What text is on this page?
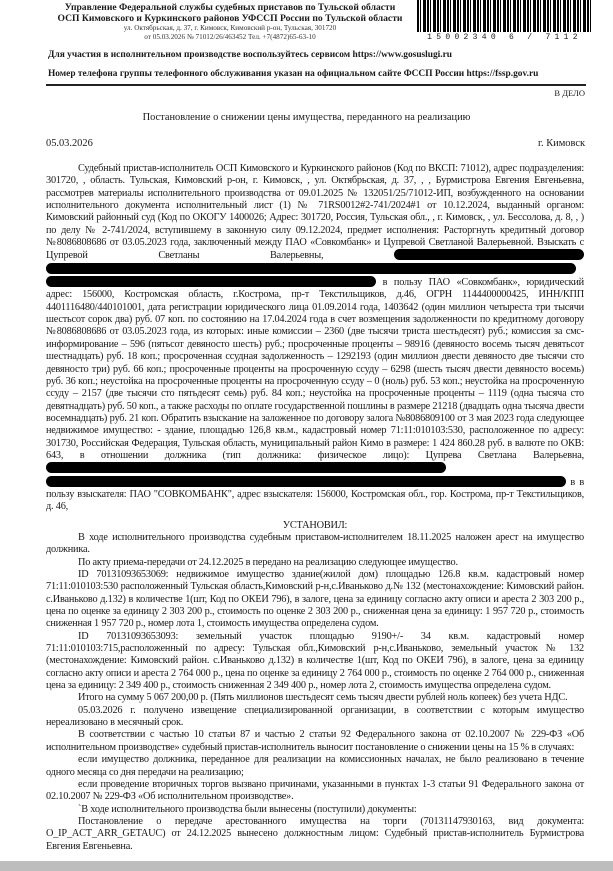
Управление Федеральной службы судебных приставов по Тульской области
ОСП Кимовского и Куркинского районов УФССП России по Тульской области
ул. Октябрьская, д. 37, г. Кимовск, Кимовский р-он, Тульская, 301720
от 05.03.2026 № 71012/26/463452 Тел. +7(4872)65-63-10	15002340 6 / 7112
Для участия в исполнительном производстве воспользуйтесь сервисом https://www.gosuslugi.ru
Номер телефона группы телефонного обслуживания указан на официальном сайте ФССП России https://fssp.gov.ru
В ДЕЛО
Постановление о снижении цены имущества, переданного на реализацию
05.03.2026	г. Кимовск

Судебный пристав-исполнитель ОСП Кимовского и Куркинского районов (Код по ВКСП: 71012), адрес подразделения: 301720, , область. Тульская, Кимовский р-он, г. Кимовск, , ул. Октябрьская, д. 37, , , Бурмистрова Евгения Евгеньевна, рассмотрев материалы исполнительного производства от 09.01.2025 № 132051/25/71012-ИП, возбужденного на основании исполнительного документа исполнительный лист (1) № 71RS0012#2-741/2024#1 от 10.12.2024, выданный органом: Кимовский районный суд (Код по ОКОГУ 1400026; Адрес: 301720, Россия, Тульская обл., , г. Кимовск, , ул. Бессолова, д. 8, , ) по делу № 2-741/2024, вступившему в законную силу 09.12.2024, предмет исполнения: Расторгнуть кредитный договор №8086808686 от 03.05.2023 года, заключенный между ПАО «Совкомбанк» и Цупревой Светланой Валерьевной. Взыскать с Цупревой Светланы Валерьевны,    в пользу ПАО «Совкомбанк», юридический адрес: 156000, Костромская область, г.Кострома, пр-т Текстильщиков, д.46, ОГРН 1144400000425, ИНН/КПП 4401116480/440101001, дата регистрации юридического лица 01.09.2014 года, 1403642 (один миллион четыреста три тысячи шестьсот сорок два) руб. 07 коп. по состоянию на 17.04.2024 года в счет возмещения задолженности по кредитному договору №8086808686 от 03.05.2023 года, из которых: иные комиссии – 2360 (две тысячи триста шестьдесят) руб.; комиссия за смс-информирование – 596 (пятьсот девяносто шесть) руб.; просроченные проценты – 98916 (девяносто восемь тысяч девятьсот шестнадцать) руб. 18 коп.; просроченная ссудная задолженность – 1292193 (один миллион двести девяносто две тысячи сто девяносто три) руб. 66 коп.; просроченные проценты на просроченную ссуду – 6298 (шесть тысяч двести девяносто восемь) руб. 36 коп.; неустойка на просроченные проценты на просроченную ссуду – 0 (ноль) руб. 53 коп.; неустойка на просроченную ссуду – 2157 (две тысячи сто пятьдесят семь) руб. 84 коп.; неустойка на просроченные проценты – 1119 (одна тысяча сто девятнадцать) руб. 50 коп., а также расходы по оплате государственной пошлины в размере 21218 (двадцать одна тысяча двести восемнадцать) руб. 21 коп. Обратить взыскание на заложенное по договору залога №8086809100 от 3 мая 2023 года следующее недвижимое имущество: - здание, площадью 126,8 кв.м., кадастровый номер 71:11:010103:530, расположенное по адресу: 301730, Российская Федерация, Тульская область, муниципальный район Кимо в размере: 1 424 860.28 руб. в валюте по ОКВ: 643, в отношении должника (тип должника: физическое лицо): Цупрева Светлана Валерьевна,   в в пользу взыскателя: ПАО "СОВКОМБАНК", адрес взыскателя: 156000, Костромская обл., гор. Кострома, пр-т Текстильщиков, д. 46,

УСТАНОВИЛ:

В ходе исполнительного производства судебным приставом-исполнителем 18.11.2025 наложен арест на имущество должника.

По акту приема-передачи от 24.12.2025 в передано на реализацию следующее имущество.

ID 70131093653069: недвижимое имущество здание(жилой дом) площадью 126.8 кв.м. кадастровый номер 71:11:010103:530 расположенный Тульская область,Кимовский р-н,с.Иваньково д.№ 132 (местонахождение: Кимовский район. с.Иваньково д.132) в количестве 1(шт, Код по ОКЕИ 796), в залоге, цена за единицу согласно акту описи и ареста 2 303 200 р., цена по оценке за единицу 2 303 200 р., стоимость по оценке 2 303 200 р., сниженная цена за единицу: 1 957 720 р., стоимость сниженная 1 957 720 р., номер лота 1, стоимость имущества определена судом.

ID 70131093653093: земельный участок площадью 9190+/- 34 кв.м. кадастровый номер 71:11:010103:715,расположенный по адресу: Тульская обл.,Кимовский р-н,с.Иваньково, земельный участок № 132 (местонахождение: Кимовский район. с.Иваньково д.132) в количестве 1(шт, Код по ОКЕИ 796), в залоге, цена за единицу согласно акту описи и ареста 2 764 000 р., цена по оценке за единицу 2 764 000 р., стоимость по оценке 2 764 000 р., сниженная цена за единицу: 2 349 400 р., стоимость сниженная 2 349 400 р., номер лота 2, стоимость имущества определена судом.

Итого на сумму 5 067 200,00 р. (Пять миллионов шестьдесят семь тысяч двести рублей ноль копеек) без учета НДС.

05.03.2026 г. получено извещение специализированной организации, в соответствии с которым имущество нереализовано в месячный срок.

В соответствии с частью 10 статьи 87 и частью 2 статьи 92 Федерального закона от 02.10.2007 № 229-ФЗ «Об исполнительном производстве» судебный пристав-исполнитель выносит постановление о снижении цены на 15 % в случаях:

если имущество должника, переданное для реализации на комиссионных началах, не было реализовано в течение одного месяца со дня передачи на реализацию;

если проведение вторичных торгов вызвано причинами, указанными в пунктах 1-3 статьи 91 Федерального закона от 02.10.2007 № 229-ФЗ «Об исполнительном производстве».

`В ходе исполнительного производства были вынесены (поступили) документы:

Постановление о передаче арестованного имущества на торги (70131147930163, вид документа: O_IP_ACT_ARR_GETAUC) от 24.12.2025 вынесено должностным лицом: Судебный пристав-исполнитель Бурмистрова Евгения Евгеньевна.
